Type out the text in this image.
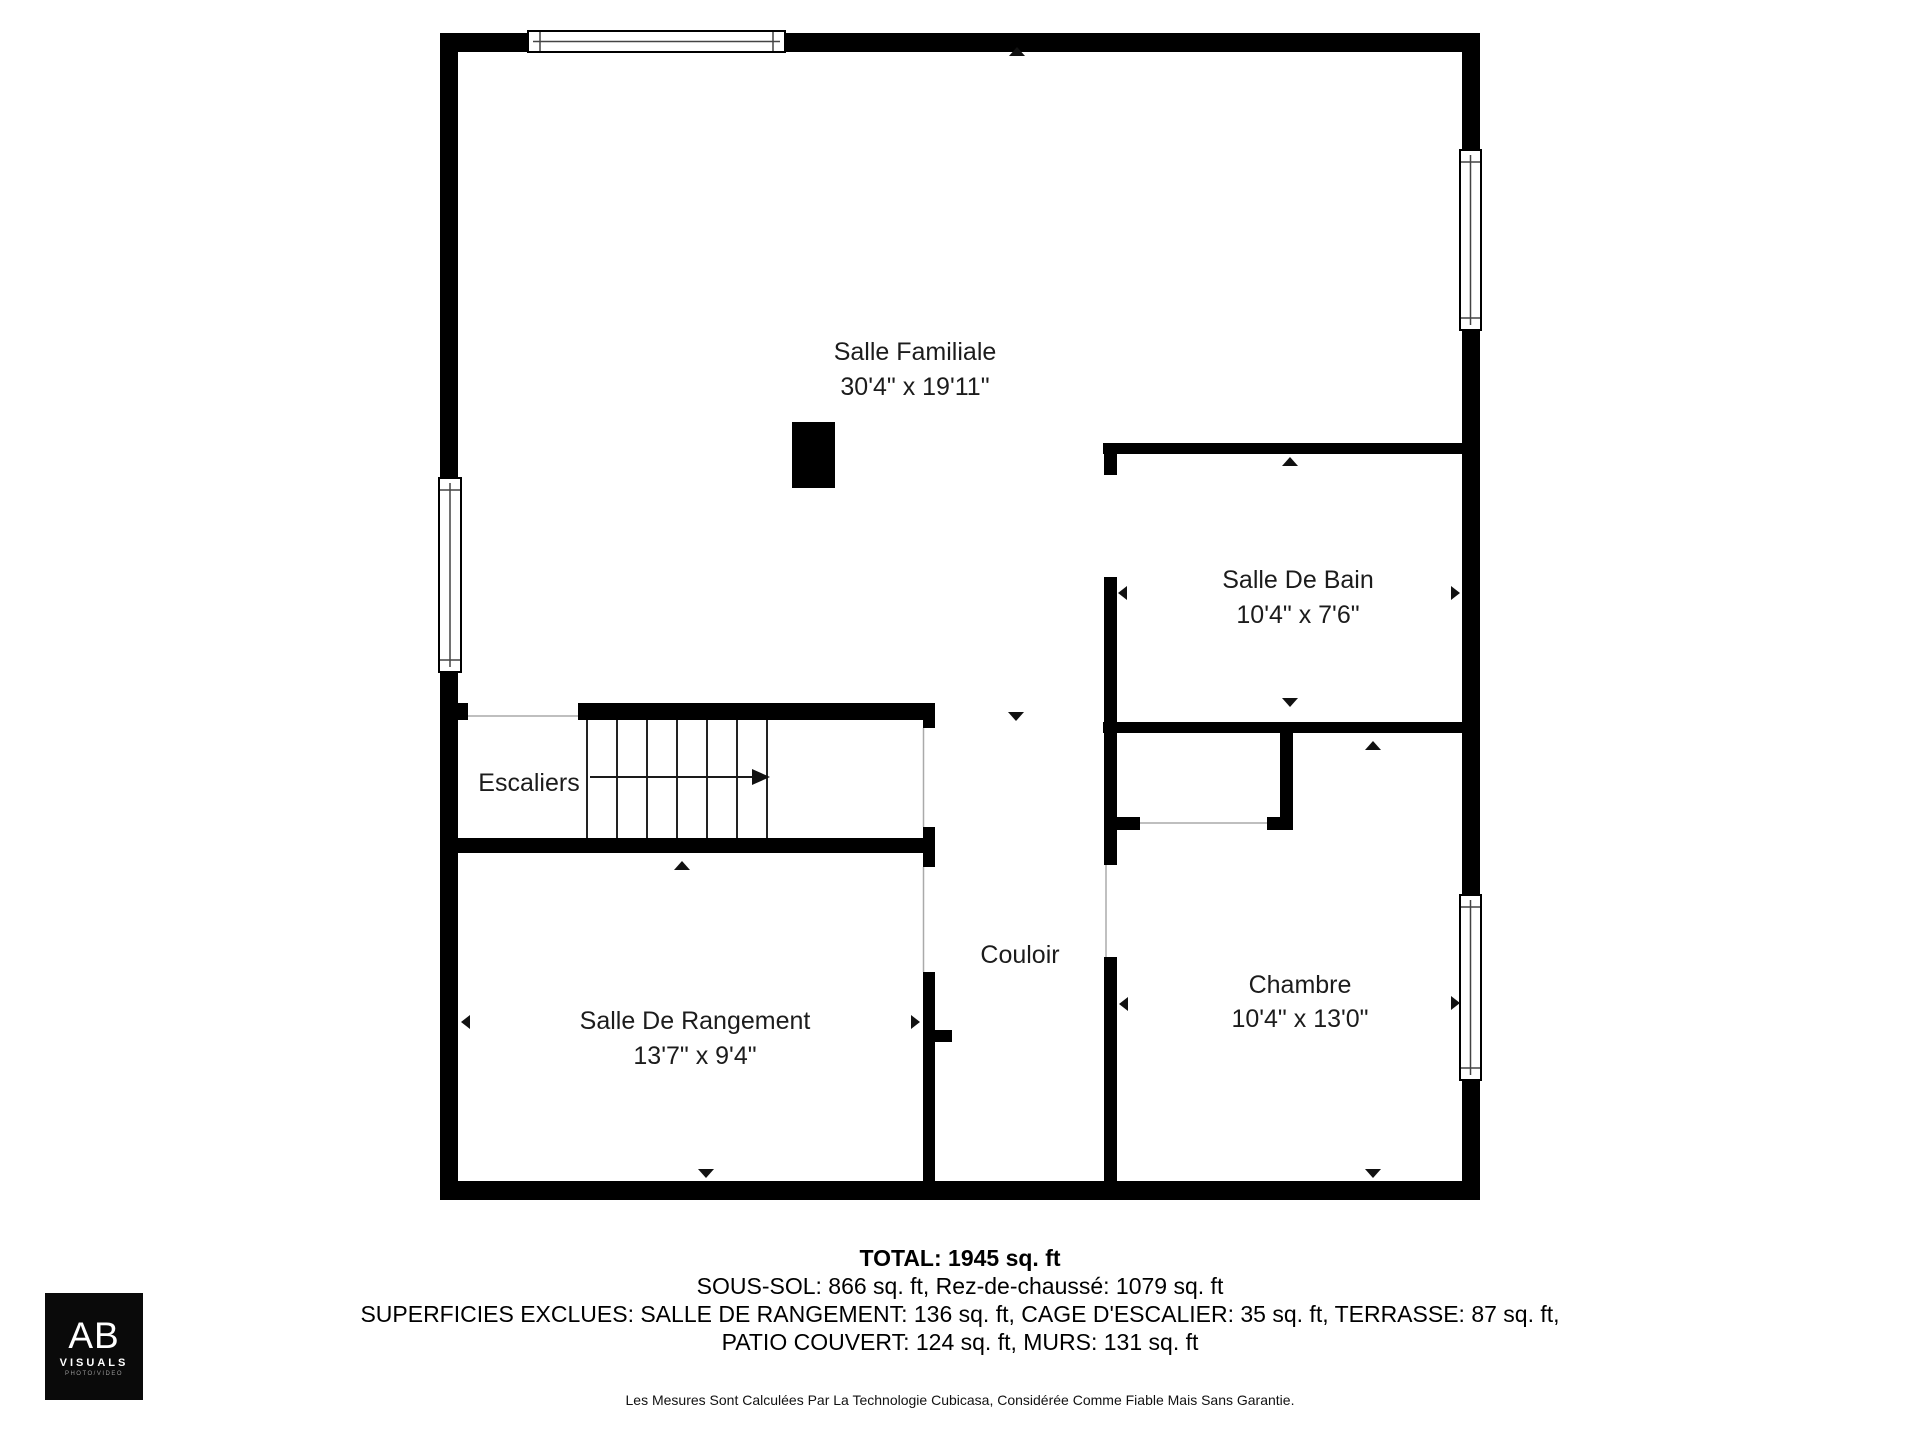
Salle Familiale
30'4" x 19'11"
Salle De Bain
10'4" x 7'6"
Escaliers
Couloir
Chambre
10'4" x 13'0"
Salle De Rangement
13'7" x 9'4"
TOTAL: 1945 sq. ft
SOUS-SOL: 866 sq. ft, Rez-de-chaussé: 1079 sq. ft
SUPERFICIES EXCLUES: SALLE DE RANGEMENT: 136 sq. ft, CAGE D'ESCALIER: 35 sq. ft, TERRASSE: 87 sq. ft,
PATIO COUVERT: 124 sq. ft, MURS: 131 sq. ft
Les Mesures Sont Calculées Par La Technologie Cubicasa, Considérée Comme Fiable Mais Sans Garantie.
AB
VISUALS
PHOTO/VIDEO
